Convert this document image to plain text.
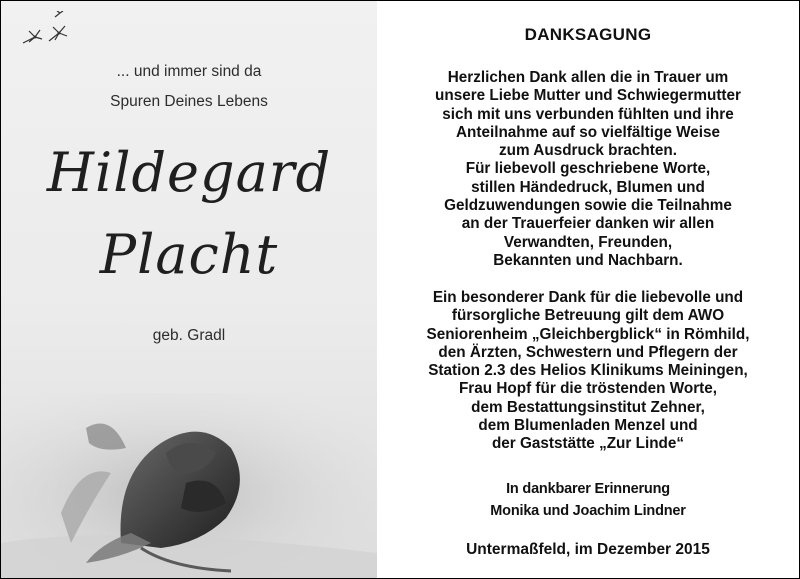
... und immer sind da
Spuren Deines Lebens
Hildegard
Placht
geb. Gradl
DANKSAGUNG
Herzlichen Dank allen die in Trauer um
unsere Liebe Mutter und Schwiegermutter
sich mit uns verbunden fühlten und ihre
Anteilnahme auf so vielfältige Weise
zum Ausdruck brachten.
Für liebevoll geschriebene Worte,
stillen Händedruck, Blumen und
Geldzuwendungen sowie die Teilnahme
an der Trauerfeier danken wir allen
Verwandten, Freunden,
Bekannten und Nachbarn.
Ein besonderer Dank für die liebevolle und
fürsorgliche Betreuung gilt dem AWO
Seniorenheim „Gleichbergblick“ in Römhild,
den Ärzten, Schwestern und Pflegern der
Station 2.3 des Helios Klinikums Meiningen,
Frau Hopf für die tröstenden Worte,
dem Bestattungsinstitut Zehner,
dem Blumenladen Menzel und
der Gaststätte „Zur Linde“
In dankbarer Erinnerung
Monika und Joachim Lindner
Untermaßfeld, im Dezember 2015
